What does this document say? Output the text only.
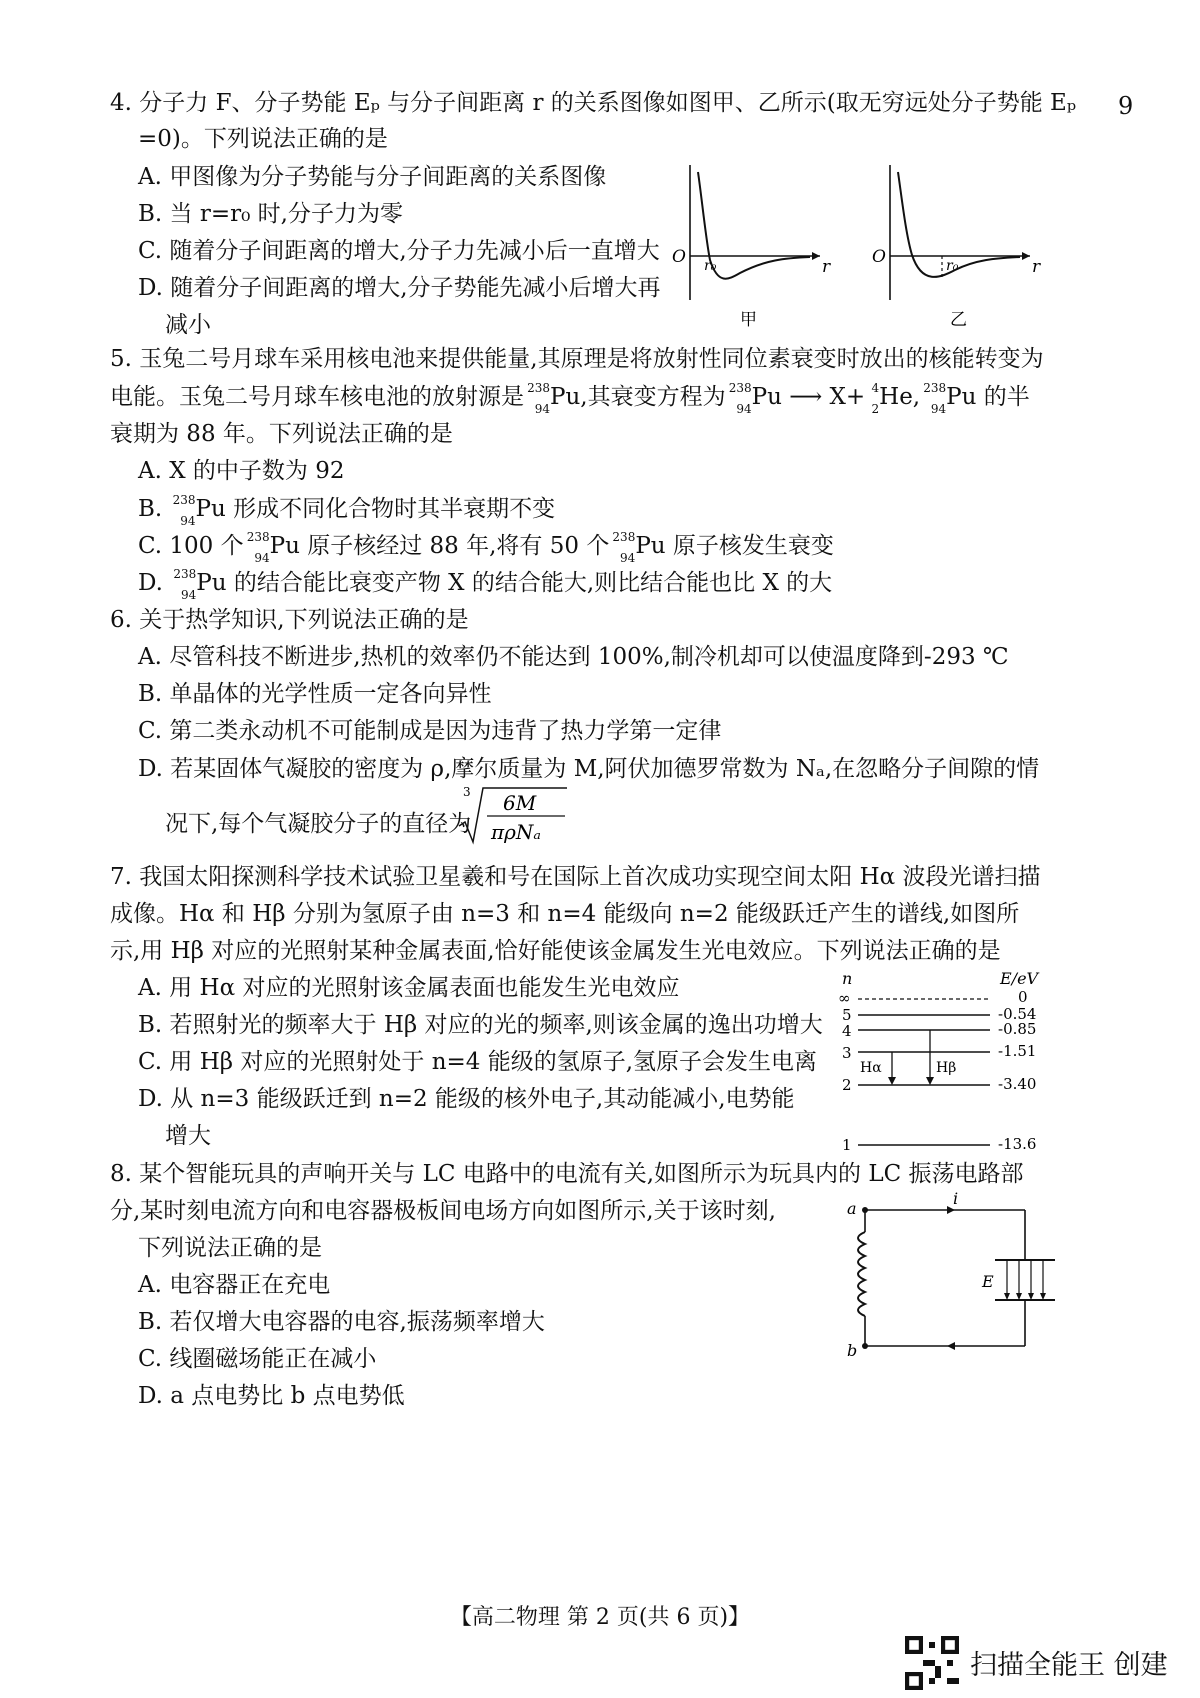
9
4. 分子力 F、分子势能 Eₚ 与分子间距离 r 的关系图像如图甲、乙所示(取无穷远处分子势能 Eₚ
=0)。下列说法正确的是
A. 甲图像为分子势能与分子间距离的关系图像
B. 当 r=r₀ 时,分子力为零
C. 随着分子间距离的增大,分子力先减小后一直增大
D. 随着分子间距离的增大,分子势能先减小后增大再
减小
O r₀	r
甲
r₀
O	r
乙
5. 玉兔二号月球车采用核电池来提供能量,其原理是将放射性同位素衰变时放出的核能转变为
电能。玉兔二号月球车核电池的放射源是 238
94 Pu,其衰变方程为 238
94 Pu ⟶ X+ 4
2 He, 238
94 Pu 的半
衰期为 88 年。下列说法正确的是
A. X 的中子数为 92
B. 238
94 Pu 形成不同化合物时其半衰期不变
C. 100 个 238
94 Pu 原子核经过 88 年,将有 50 个 238
94 Pu 原子核发生衰变
D. 238
94 Pu 的结合能比衰变产物 X 的结合能大,则比结合能也比 X 的大
6. 关于热学知识,下列说法正确的是
A. 尽管科技不断进步,热机的效率仍不能达到 100%,制冷机却可以使温度降到-293 ℃
B. 单晶体的光学性质一定各向异性
C. 第二类永动机不可能制成是因为违背了热力学第一定律
D. 若某固体气凝胶的密度为 ρ,摩尔质量为 M,阿伏加德罗常数为 Nₐ,在忽略分子间隙的情
况下,每个气凝胶分子的直径为
3 6M
πρNₐ
7. 我国太阳探测科学技术试验卫星羲和号在国际上首次成功实现空间太阳 Hα 波段光谱扫描
成像。Hα 和 Hβ 分别为氢原子由 n=3 和 n=4 能级向 n=2 能级跃迁产生的谱线,如图所
示,用 Hβ 对应的光照射某种金属表面,恰好能使该金属发生光电效应。下列说法正确的是
A. 用 Hα 对应的光照射该金属表面也能发生光电效应
B. 若照射光的频率大于 Hβ 对应的光的频率,则该金属的逸出功增大
C. 用 Hβ 对应的光照射处于 n=4 能级的氢原子,氢原子会发生电离
D. 从 n=3 能级跃迁到 n=2 能级的核外电子,其动能减小,电势能
增大
n	E/eV
∞	0
5	-0.54
4	-0.85
3	-1.51
2	-3.40
Hα	Hβ
1	-13.6
8. 某个智能玩具的声响开关与 LC 电路中的电流有关,如图所示为玩具内的 LC 振荡电路部
分,某时刻电流方向和电容器极板间电场方向如图所示,关于该时刻,
下列说法正确的是
A. 电容器正在充电
B. 若仅增大电容器的电容,振荡频率增大
C. 线圈磁场能正在减小
D. a 点电势比 b 点电势低
i
E
a
b
【高二物理 第 2 页(共 6 页)】
扫描全能王 创建
